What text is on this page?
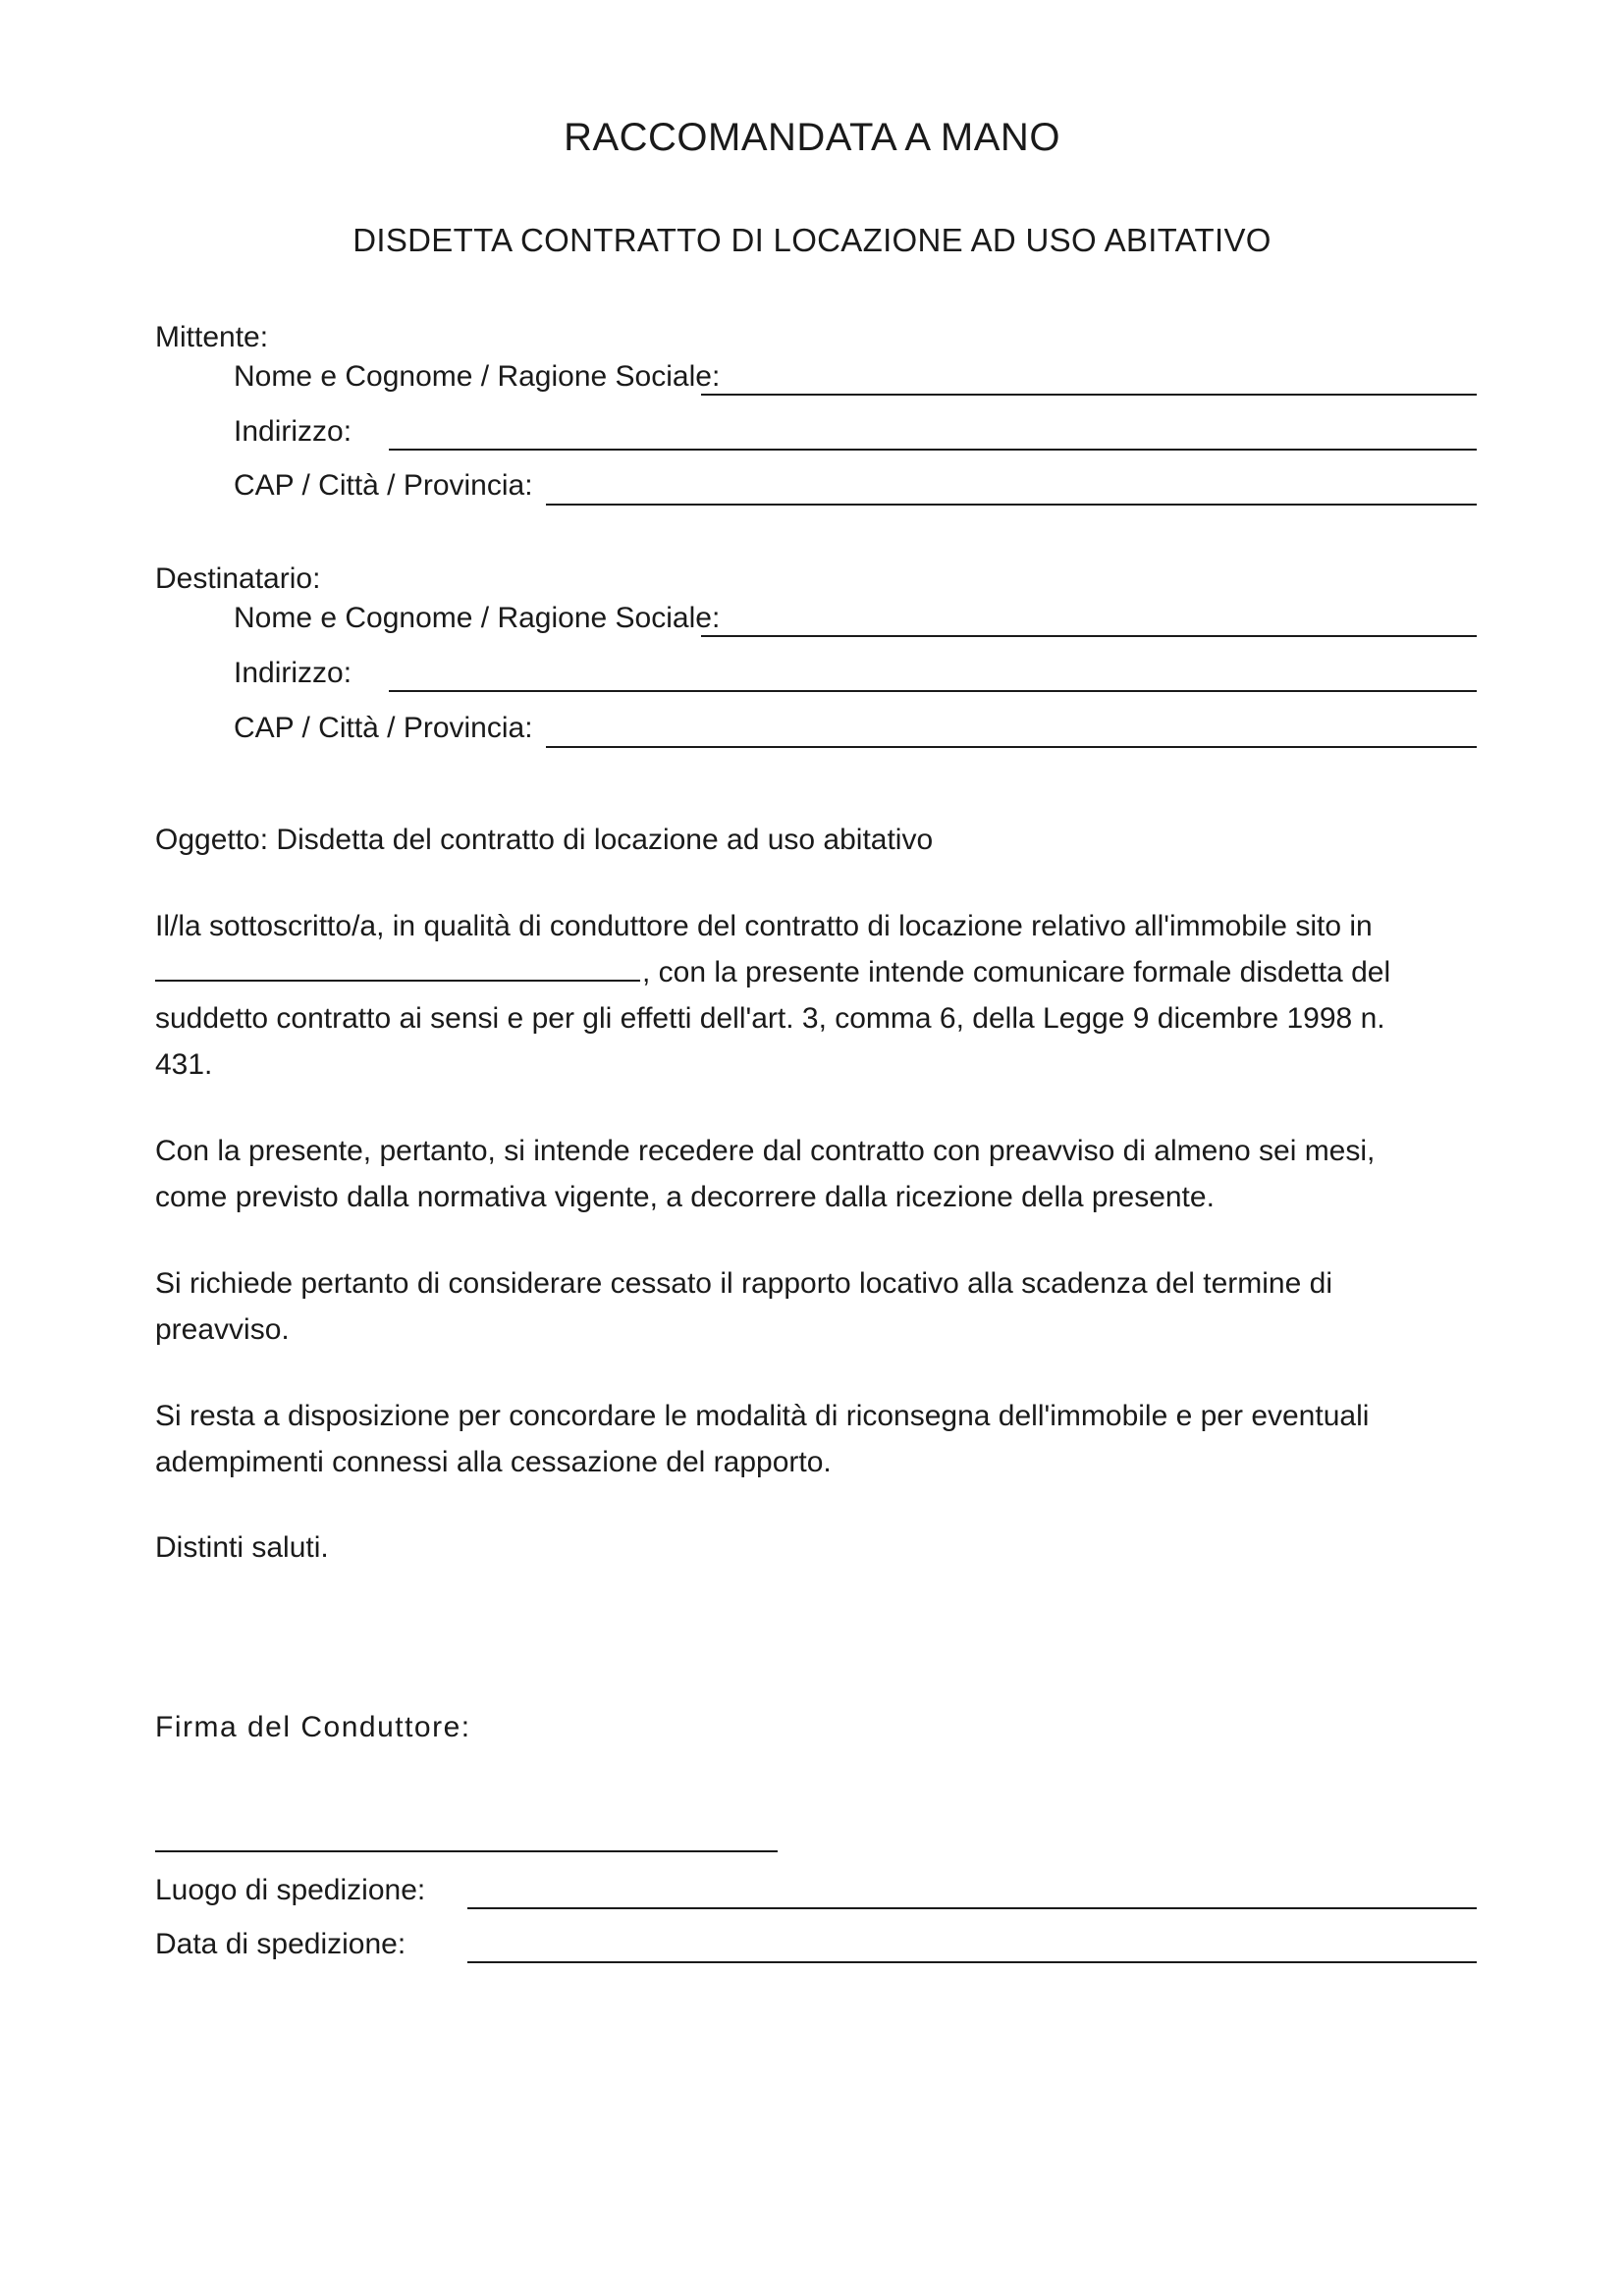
RACCOMANDATA A MANO
DISDETTA CONTRATTO DI LOCAZIONE AD USO ABITATIVO
Mittente:
Nome e Cognome / Ragione Sociale:
Indirizzo:
CAP / Città / Provincia:
Destinatario:
Nome e Cognome / Ragione Sociale:
Indirizzo:
CAP / Città / Provincia:
Oggetto: Disdetta del contratto di locazione ad uso abitativo

Il/la sottoscritto/a, in qualità di conduttore del contratto di locazione relativo all'immobile sito in
, con la presente intende comunicare formale disdetta del suddetto contratto ai sensi e per gli effetti dell'art. 3, comma 6, della Legge 9 dicembre 1998 n. 431.

Con la presente, pertanto, si intende recedere dal contratto con preavviso di almeno sei mesi, come previsto dalla normativa vigente, a decorrere dalla ricezione della presente.

Si richiede pertanto di considerare cessato il rapporto locativo alla scadenza del termine di preavviso.

Si resta a disposizione per concordare le modalità di riconsegna dell'immobile e per eventuali adempimenti connessi alla cessazione del rapporto.

Distinti saluti.
Firma del Conduttore:
Luogo di spedizione:
Data di spedizione:
